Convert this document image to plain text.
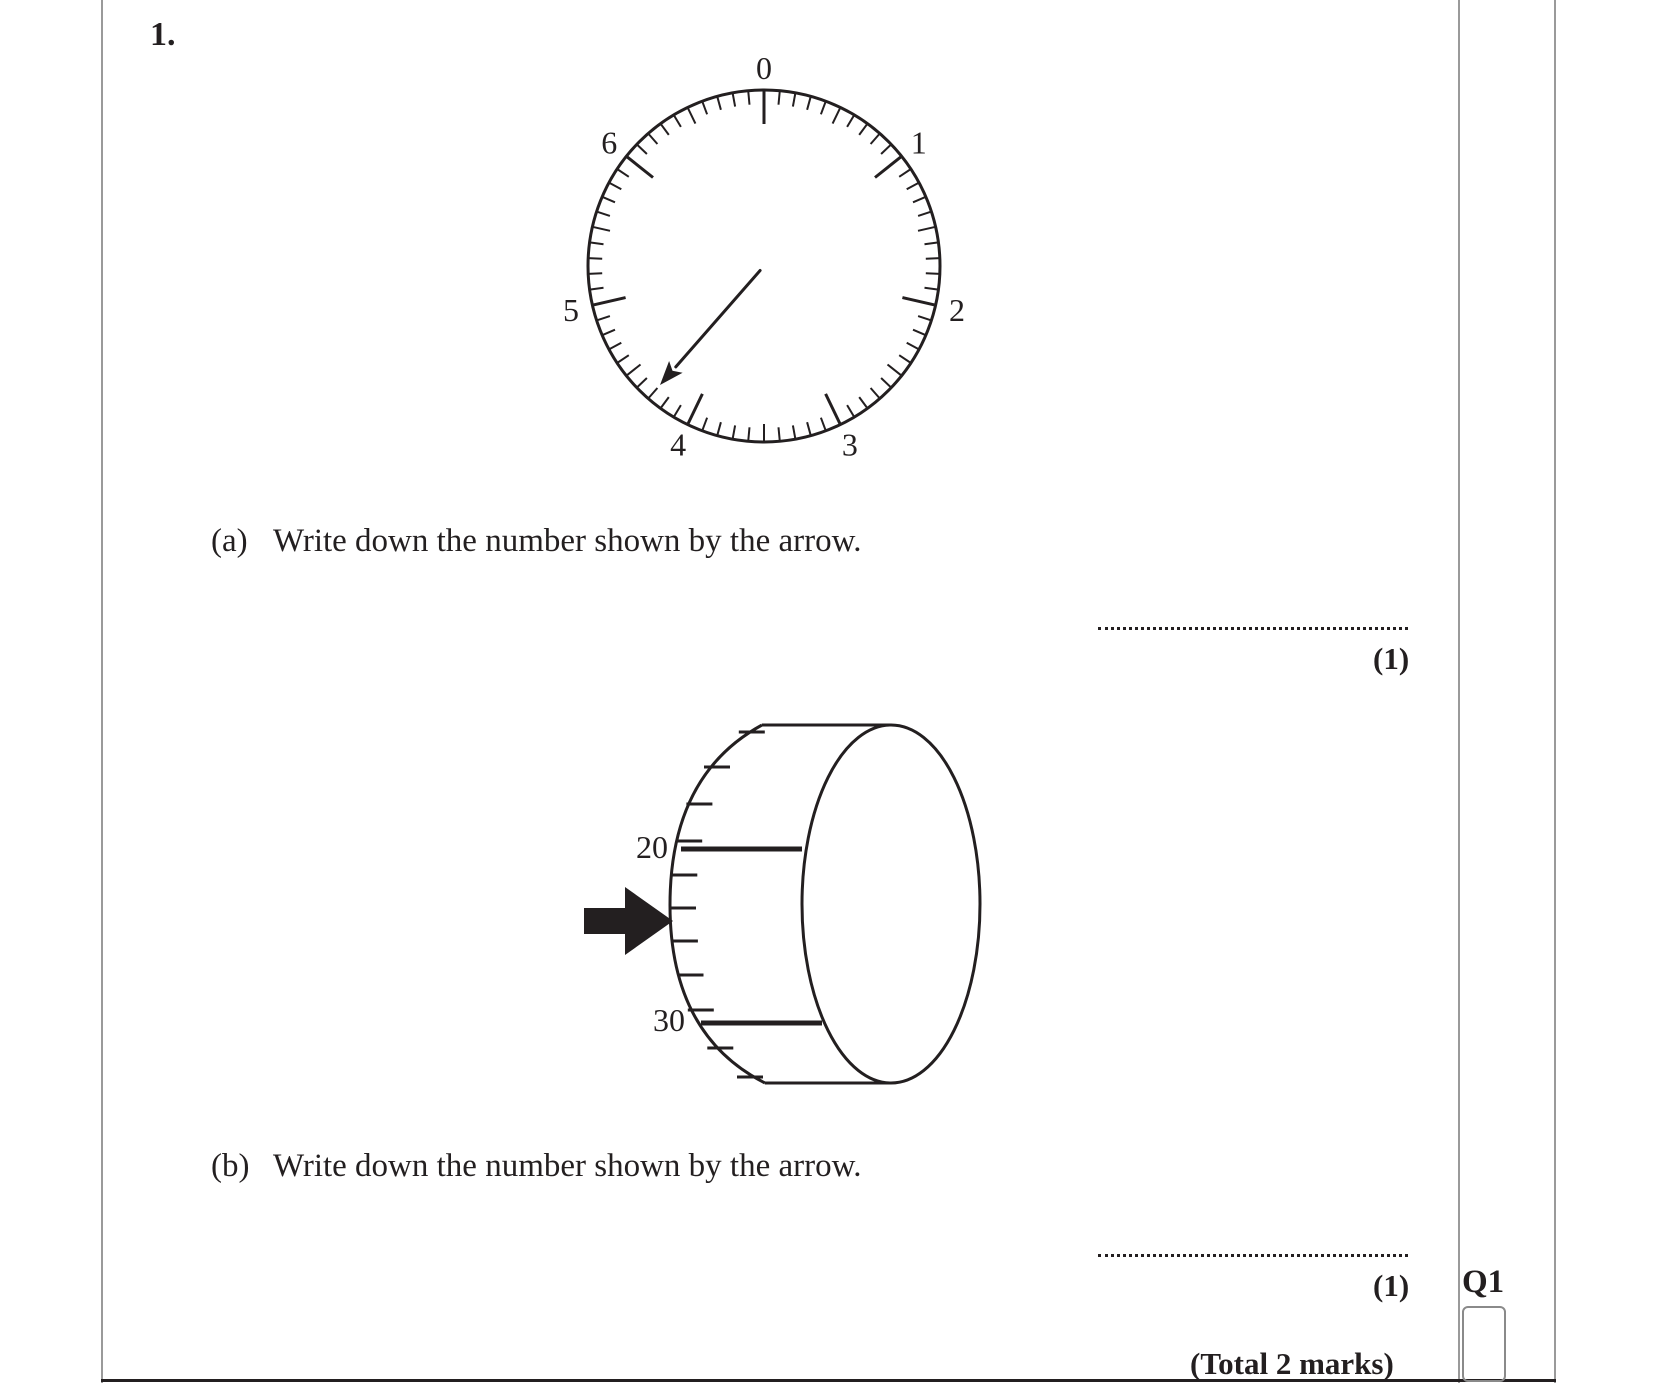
1.
0
1
2
3
4
5
6
(a) Write down the number shown by the arrow.
(1)
20
30
(b) Write down the number shown by the arrow.
(1) Q1
(Total 2 marks)
